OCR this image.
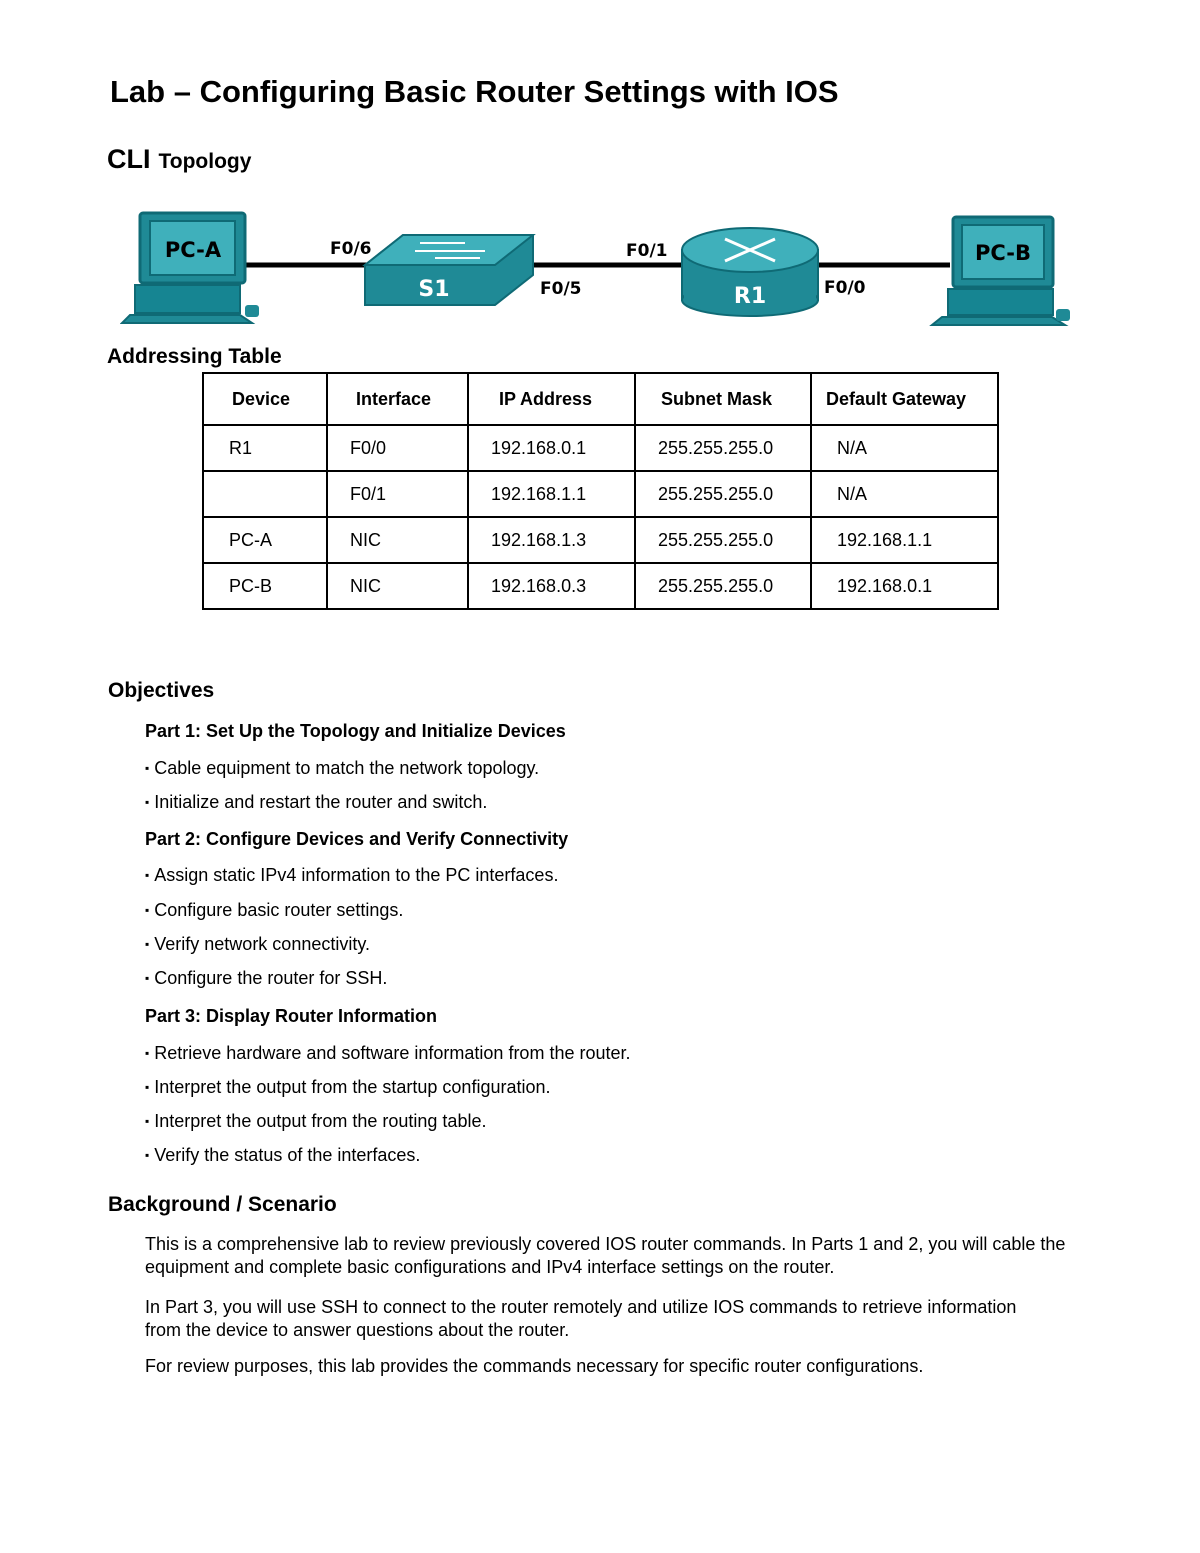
Lab – Configuring Basic Router Settings with IOS
CLI Topology
PC-A
S1	R1
PC-B
F0/6
F0/5
F0/1
F0/0
Addressing Table
Device	Interface	IP Address	Subnet Mask	Default Gateway
R1	F0/0	192.168.0.1	255.255.255.0	N/A
	F0/1	192.168.1.1	255.255.255.0	N/A
PC-A	NIC	192.168.1.3	255.255.255.0	192.168.1.1
PC-B	NIC	192.168.0.3	255.255.255.0	192.168.0.1
Objectives
Part 1: Set Up the Topology and Initialize Devices
▪ Cable equipment to match the network topology.
▪ Initialize and restart the router and switch.
Part 2: Configure Devices and Verify Connectivity
▪ Assign static IPv4 information to the PC interfaces.
▪ Configure basic router settings.
▪ Verify network connectivity.
▪ Configure the router for SSH.
Part 3: Display Router Information
▪ Retrieve hardware and software information from the router.
▪ Interpret the output from the startup configuration.
▪ Interpret the output from the routing table.
▪ Verify the status of the interfaces.
Background / Scenario
This is a comprehensive lab to review previously covered IOS router commands. In Parts 1 and 2, you will cable the equipment and complete basic configurations and IPv4 interface settings on the router.
In Part 3, you will use SSH to connect to the router remotely and utilize IOS commands to retrieve information from the device to answer questions about the router.
For review purposes, this lab provides the commands necessary for specific router configurations.
